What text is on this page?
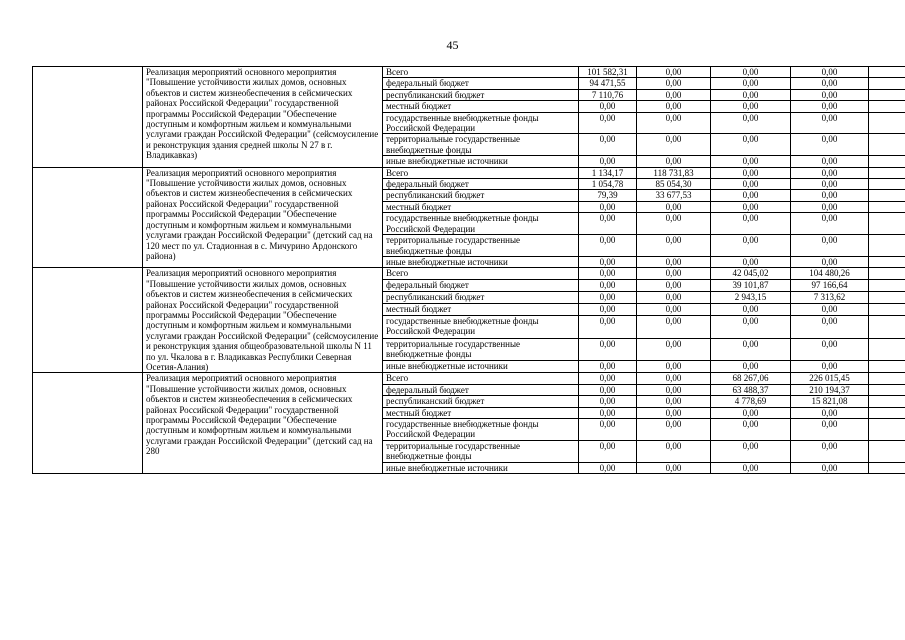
45
	Реализация мероприятий основного мероприятия "Повышение устойчивости жилых домов, основных объектов и систем жизнеобеспечения в сейсмических районах Российской Федерации" государственной программы Российской Федерации "Обеспечение доступным и комфортным жильем и коммунальными услугами граждан Российской Федерации" (сейсмоусиление и реконструкция здания средней школы N 27 в г. Владикавказ)	Всего	101 582,31	0,00	0,00	0,00	
		федеральный бюджет	94 471,55	0,00	0,00	0,00	
		республиканский бюджет	7 110,76	0,00	0,00	0,00	
		местный бюджет	0,00	0,00	0,00	0,00	
		государственные внебюджетные фонды Российской Федерации	0,00	0,00	0,00	0,00	
		территориальные государственные внебюджетные фонды	0,00	0,00	0,00	0,00	
		иные внебюджетные источники	0,00	0,00	0,00	0,00	
	Реализация мероприятий основного мероприятия "Повышение устойчивости жилых домов, основных объектов и систем жизнеобеспечения в сейсмических районах Российской Федерации" государственной программы Российской Федерации "Обеспечение доступным и комфортным жильем и коммунальными услугами граждан Российской Федерации" (детский сад на 120 мест по ул. Стадионная в с. Мичурино Ардонского района)	Всего	1 134,17	118 731,83	0,00	0,00	
		федеральный бюджет	1 054,78	85 054,30	0,00	0,00	
		республиканский бюджет	79,39	33 677,53	0,00	0,00	
		местный бюджет	0,00	0,00	0,00	0,00	
		государственные внебюджетные фонды Российской Федерации	0,00	0,00	0,00	0,00	
		территориальные государственные внебюджетные фонды	0,00	0,00	0,00	0,00	
		иные внебюджетные источники	0,00	0,00	0,00	0,00	
	Реализация мероприятий основного мероприятия "Повышение устойчивости жилых домов, основных объектов и систем жизнеобеспечения в сейсмических районах Российской Федерации" государственной программы Российской Федерации "Обеспечение доступным и комфортным жильем и коммунальными услугами граждан Российской Федерации" (сейсмоусиление и реконструкция здания общеобразовательной школы N 11 по ул. Чкалова в г. Владикавказ Республики Северная Осетия-Алания)	Всего	0,00	0,00	42 045,02	104 480,26	
		федеральный бюджет	0,00	0,00	39 101,87	97 166,64	
		республиканский бюджет	0,00	0,00	2 943,15	7 313,62	
		местный бюджет	0,00	0,00	0,00	0,00	
		государственные внебюджетные фонды Российской Федерации	0,00	0,00	0,00	0,00	
		территориальные государственные внебюджетные фонды	0,00	0,00	0,00	0,00	
		иные внебюджетные источники	0,00	0,00	0,00	0,00	
	Реализация мероприятий основного мероприятия "Повышение устойчивости жилых домов, основных объектов и систем жизнеобеспечения в сейсмических районах Российской Федерации" государственной программы Российской Федерации "Обеспечение доступным и комфортным жильем и коммунальными услугами граждан Российской Федерации" (детский сад на 280	Всего	0,00	0,00	68 267,06	226 015,45	
		федеральный бюджет	0,00	0,00	63 488,37	210 194,37	
		республиканский бюджет	0,00	0,00	4 778,69	15 821,08	
		местный бюджет	0,00	0,00	0,00	0,00	
		государственные внебюджетные фонды Российской Федерации	0,00	0,00	0,00	0,00	
		территориальные государственные внебюджетные фонды	0,00	0,00	0,00	0,00	
		иные внебюджетные источники	0,00	0,00	0,00	0,00	
